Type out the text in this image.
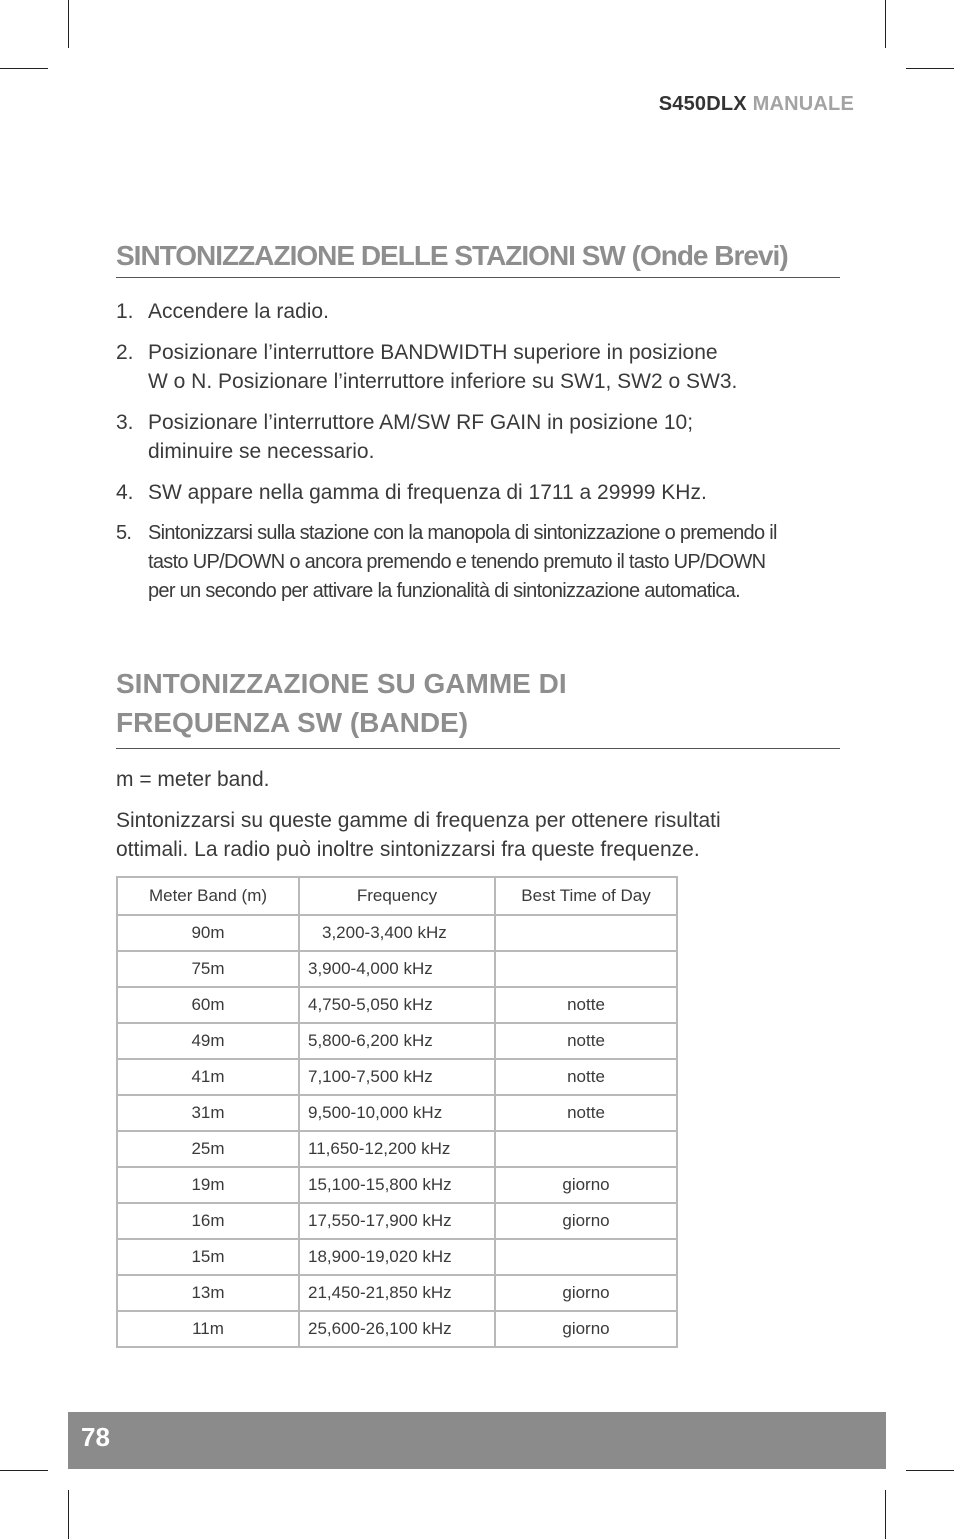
S450DLX MANUALE
SINTONIZZAZIONE DELLE STAZIONI SW (Onde Brevi)
1. Accendere la radio.
2. Posizionare l’interruttore BANDWIDTH superiore in posizione
W o N. Posizionare l’interruttore inferiore su SW1, SW2 o SW3.
3. Posizionare l’interruttore AM/SW RF GAIN in posizione 10;
diminuire se necessario.
4. SW appare nella gamma di frequenza di 1711 a 29999 KHz.
5. Sintonizzarsi sulla stazione con la manopola di sintonizzazione o premendo il
tasto UP/DOWN o ancora premendo e tenendo premuto il tasto UP/DOWN
per un secondo per attivare la funzionalità di sintonizzazione automatica.
SINTONIZZAZIONE SU GAMME DI
FREQUENZA SW (BANDE)

m = meter band.

Sintonizzarsi su queste gamme di frequenza per ottenere risultati
ottimali. La radio può inoltre sintonizzarsi fra queste frequenze.

Meter Band (m)	Frequency	Best Time of Day
90m	3,200-3,400 kHz	
75m	3,900-4,000 kHz	
60m	4,750-5,050 kHz	notte
49m	5,800-6,200 kHz	notte
41m	7,100-7,500 kHz	notte
31m	9,500-10,000 kHz	notte
25m	11,650-12,200 kHz	
19m	15,100-15,800 kHz	giorno
16m	17,550-17,900 kHz	giorno
15m	18,900-19,020 kHz	
13m	21,450-21,850 kHz	giorno
11m	25,600-26,100 kHz	giorno
78
